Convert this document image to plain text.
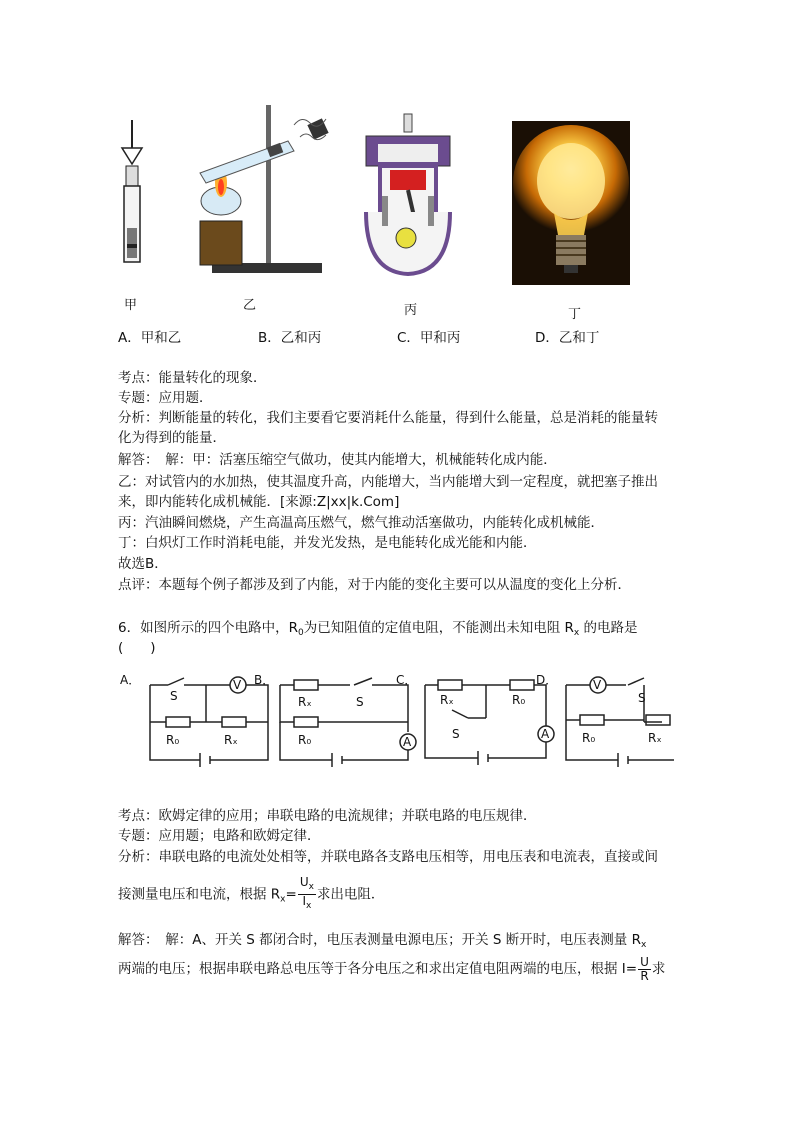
甲	乙	丙	丁
A．甲和乙	B．乙和丙	C．甲和丙	D．乙和丁
考点：能量转化的现象．
专题：应用题．
分析：判断能量的转化，我们主要看它要消耗什么能量，得到什么能量，总是消耗的能量转
化为得到的能量．
解答：　解：甲：活塞压缩空气做功，使其内能增大，机械能转化成内能．
乙：对试管内的水加热，使其温度升高，内能增大，当内能增大到一定程度，就把塞子推出
来，即内能转化成机械能．[来源:Z|xx|k.Com]
丙：汽油瞬间燃烧，产生高温高压燃气，燃气推动活塞做功，内能转化成机械能．
丁：白炽灯工作时消耗电能，并发光发热，是电能转化成光能和内能．
故选B．
点评：本题每个例子都涉及到了内能，对于内能的变化主要可以从温度的变化上分析．
6．如图所示的四个电路中，$R_0$为已知阻值的定值电阻，不能测出未知电阻 $R_x$ 的电路是
(　　)
A．	B．	C．	D．
S
R₀	Rₓ
V
Rₓ	S
R₀	A
Rₓ	R₀
S	A
V
S
R₀	Rₓ
考点：欧姆定律的应用；串联电路的电流规律；并联电路的电压规律．
专题：应用题；电路和欧姆定律．
分析：串联电路的电流处处相等，并联电路各支路电压相等，用电压表和电流表，直接或间
接测量电压和电流，根据 $R_x= \frac{U_x}{I_x}$ 求出电阻．
解答：　解：A、开关 S 都闭合时，电压表测量电源电压；开关 S 断开时，电压表测量 $R_x$
两端的电压；根据串联电路总电压等于各分电压之和求出定值电阻两端的电压，根据 $I= \frac{U}{R}$ 求
